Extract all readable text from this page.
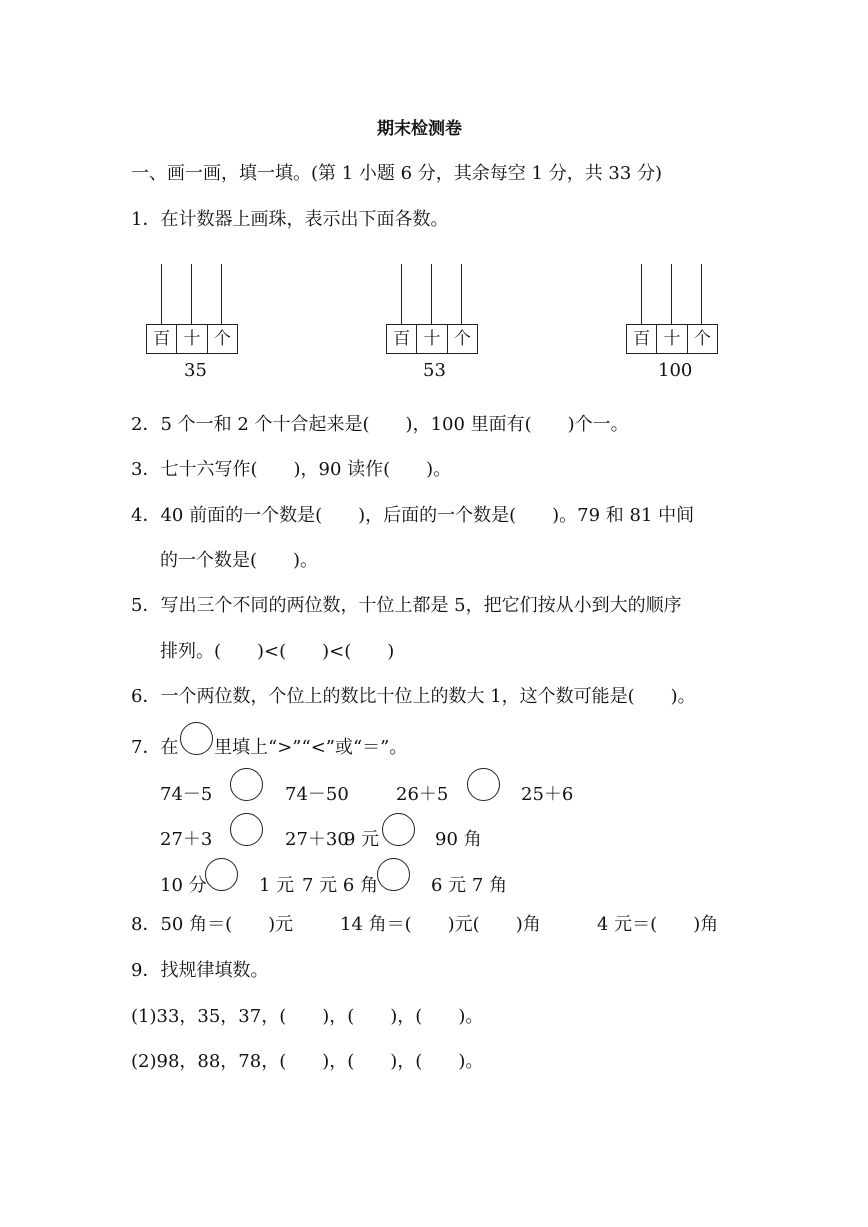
期末检测卷
一、画一画，填一填。(第 1 小题 6 分，其余每空 1 分，共 33 分)
1．在计数器上画珠，表示出下面各数。
百 十 个
35
百 十 个
53
百 十 个
100
2．5 个一和 2 个十合起来是(　　)，100 里面有(　　)个一。
3．七十六写作(　　)，90 读作(　　)。
4．40 前面的一个数是(　　)，后面的一个数是(　　)。79 和 81 中间
的一个数是(　　)。
5．写出三个不同的两位数，十位上都是 5，把它们按从小到大的顺序
排列。(　　)<(　　)<(　　)
6．一个两位数，个位上的数比十位上的数大 1，这个数可能是(　　)。
7．在 里填上“>”“<”或“＝”。
74－5	74－50	26＋5	25＋6
27＋3	27＋30
9 元	90 角
10 分	1 元 7 元 6 角	6 元 7 角
8．50 角＝(　　)元	14 角＝(　　)元(　　)角	4 元＝(　　)角
9．找规律填数。
(1)33，35，37，(　　)，(　　)，(　　)。
(2)98，88，78，(　　)，(　　)，(　　)。
